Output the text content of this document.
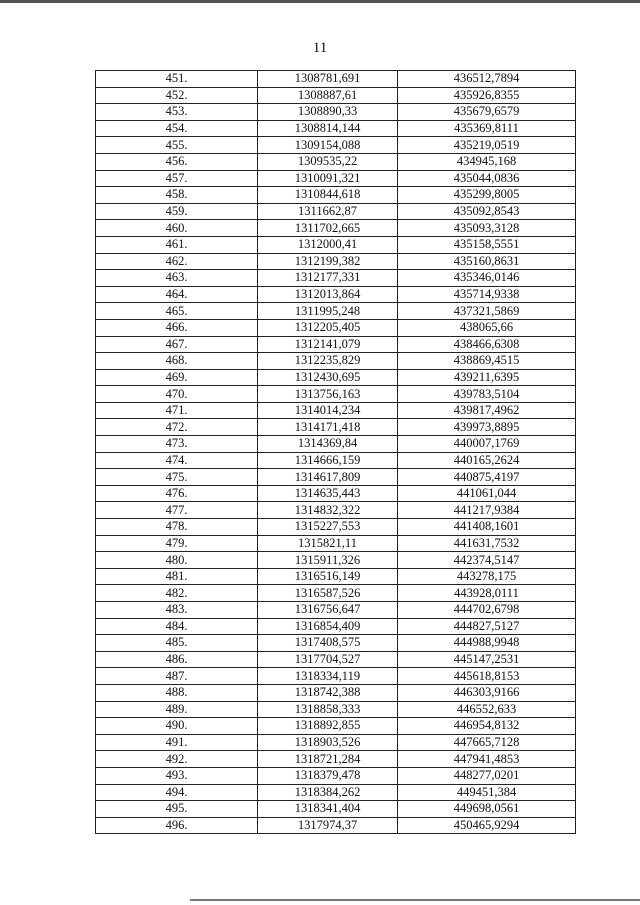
11
451.	1308781,691	436512,7894
452.	1308887,61	435926,8355
453.	1308890,33	435679,6579
454.	1308814,144	435369,8111
455.	1309154,088	435219,0519
456.	1309535,22	434945,168
457.	1310091,321	435044,0836
458.	1310844,618	435299,8005
459.	1311662,87	435092,8543
460.	1311702,665	435093,3128
461.	1312000,41	435158,5551
462.	1312199,382	435160,8631
463.	1312177,331	435346,0146
464.	1312013,864	435714,9338
465.	1311995,248	437321,5869
466.	1312205,405	438065,66
467.	1312141,079	438466,6308
468.	1312235,829	438869,4515
469.	1312430,695	439211,6395
470.	1313756,163	439783,5104
471.	1314014,234	439817,4962
472.	1314171,418	439973,8895
473.	1314369,84	440007,1769
474.	1314666,159	440165,2624
475.	1314617,809	440875,4197
476.	1314635,443	441061,044
477.	1314832,322	441217,9384
478.	1315227,553	441408,1601
479.	1315821,11	441631,7532
480.	1315911,326	442374,5147
481.	1316516,149	443278,175
482.	1316587,526	443928,0111
483.	1316756,647	444702,6798
484.	1316854,409	444827,5127
485.	1317408,575	444988,9948
486.	1317704,527	445147,2531
487.	1318334,119	445618,8153
488.	1318742,388	446303,9166
489.	1318858,333	446552,633
490.	1318892,855	446954,8132
491.	1318903,526	447665,7128
492.	1318721,284	447941,4853
493.	1318379,478	448277,0201
494.	1318384,262	449451,384
495.	1318341,404	449698,0561
496.	1317974,37	450465,9294
